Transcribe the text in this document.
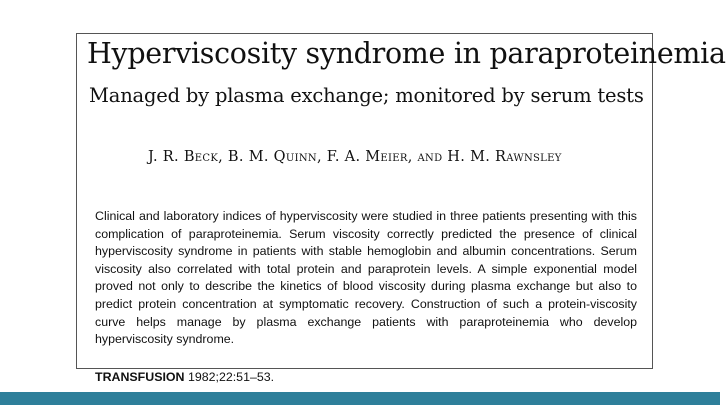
Hyperviscosity syndrome in paraproteinemia
Managed by plasma exchange; monitored by serum tests
J. R. Beck, B. M. Quinn, F. A. Meier, and H. M. Rawnsley

Clinical and laboratory indices of hyperviscosity were studied in three patients presenting with this complication of paraproteinemia. Serum viscosity correctly predicted the presence of clinical hyperviscosity syndrome in patients with stable hemoglobin and albumin concentrations. Serum viscosity also correlated with total protein and paraprotein levels. A simple exponential model proved not only to describe the kinetics of blood viscosity during plasma exchange but also to predict protein concentration at symptomatic recovery. Construction of such a protein-viscosity curve helps manage by plasma exchange patients with paraproteinemia who develop hyperviscosity syndrome.

TRANSFUSION 1982;22:51–53.
